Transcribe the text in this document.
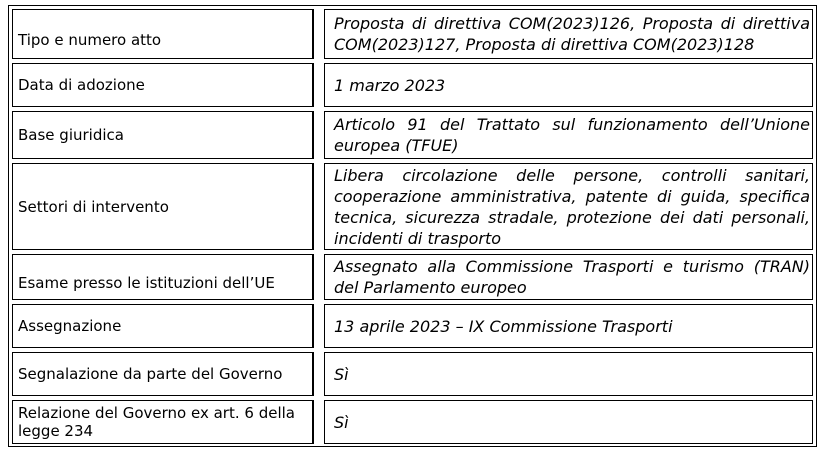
Tipo e numero atto		Proposta di direttiva COM(2023)126, Proposta di direttiva COM(2023)127, Proposta di direttiva COM(2023)128

Data di adozione		1 marzo 2023

Base giuridica		Articolo 91 del Trattato sul funzionamento dell’Unione europea (TFUE)

Settori di intervento		Libera circolazione delle persone, controlli sanitari, cooperazione amministrativa, patente di guida, specifica tecnica, sicurezza stradale, protezione dei dati personali, incidenti di trasporto

Esame presso le istituzioni dell’UE		Assegnato alla Commissione Trasporti e turismo (TRAN) del Parlamento europeo

Assegnazione		13 aprile 2023 – IX Commissione Trasporti

Segnalazione da parte del Governo		Sì

Relazione del Governo ex art. 6 della legge 234		Sì
